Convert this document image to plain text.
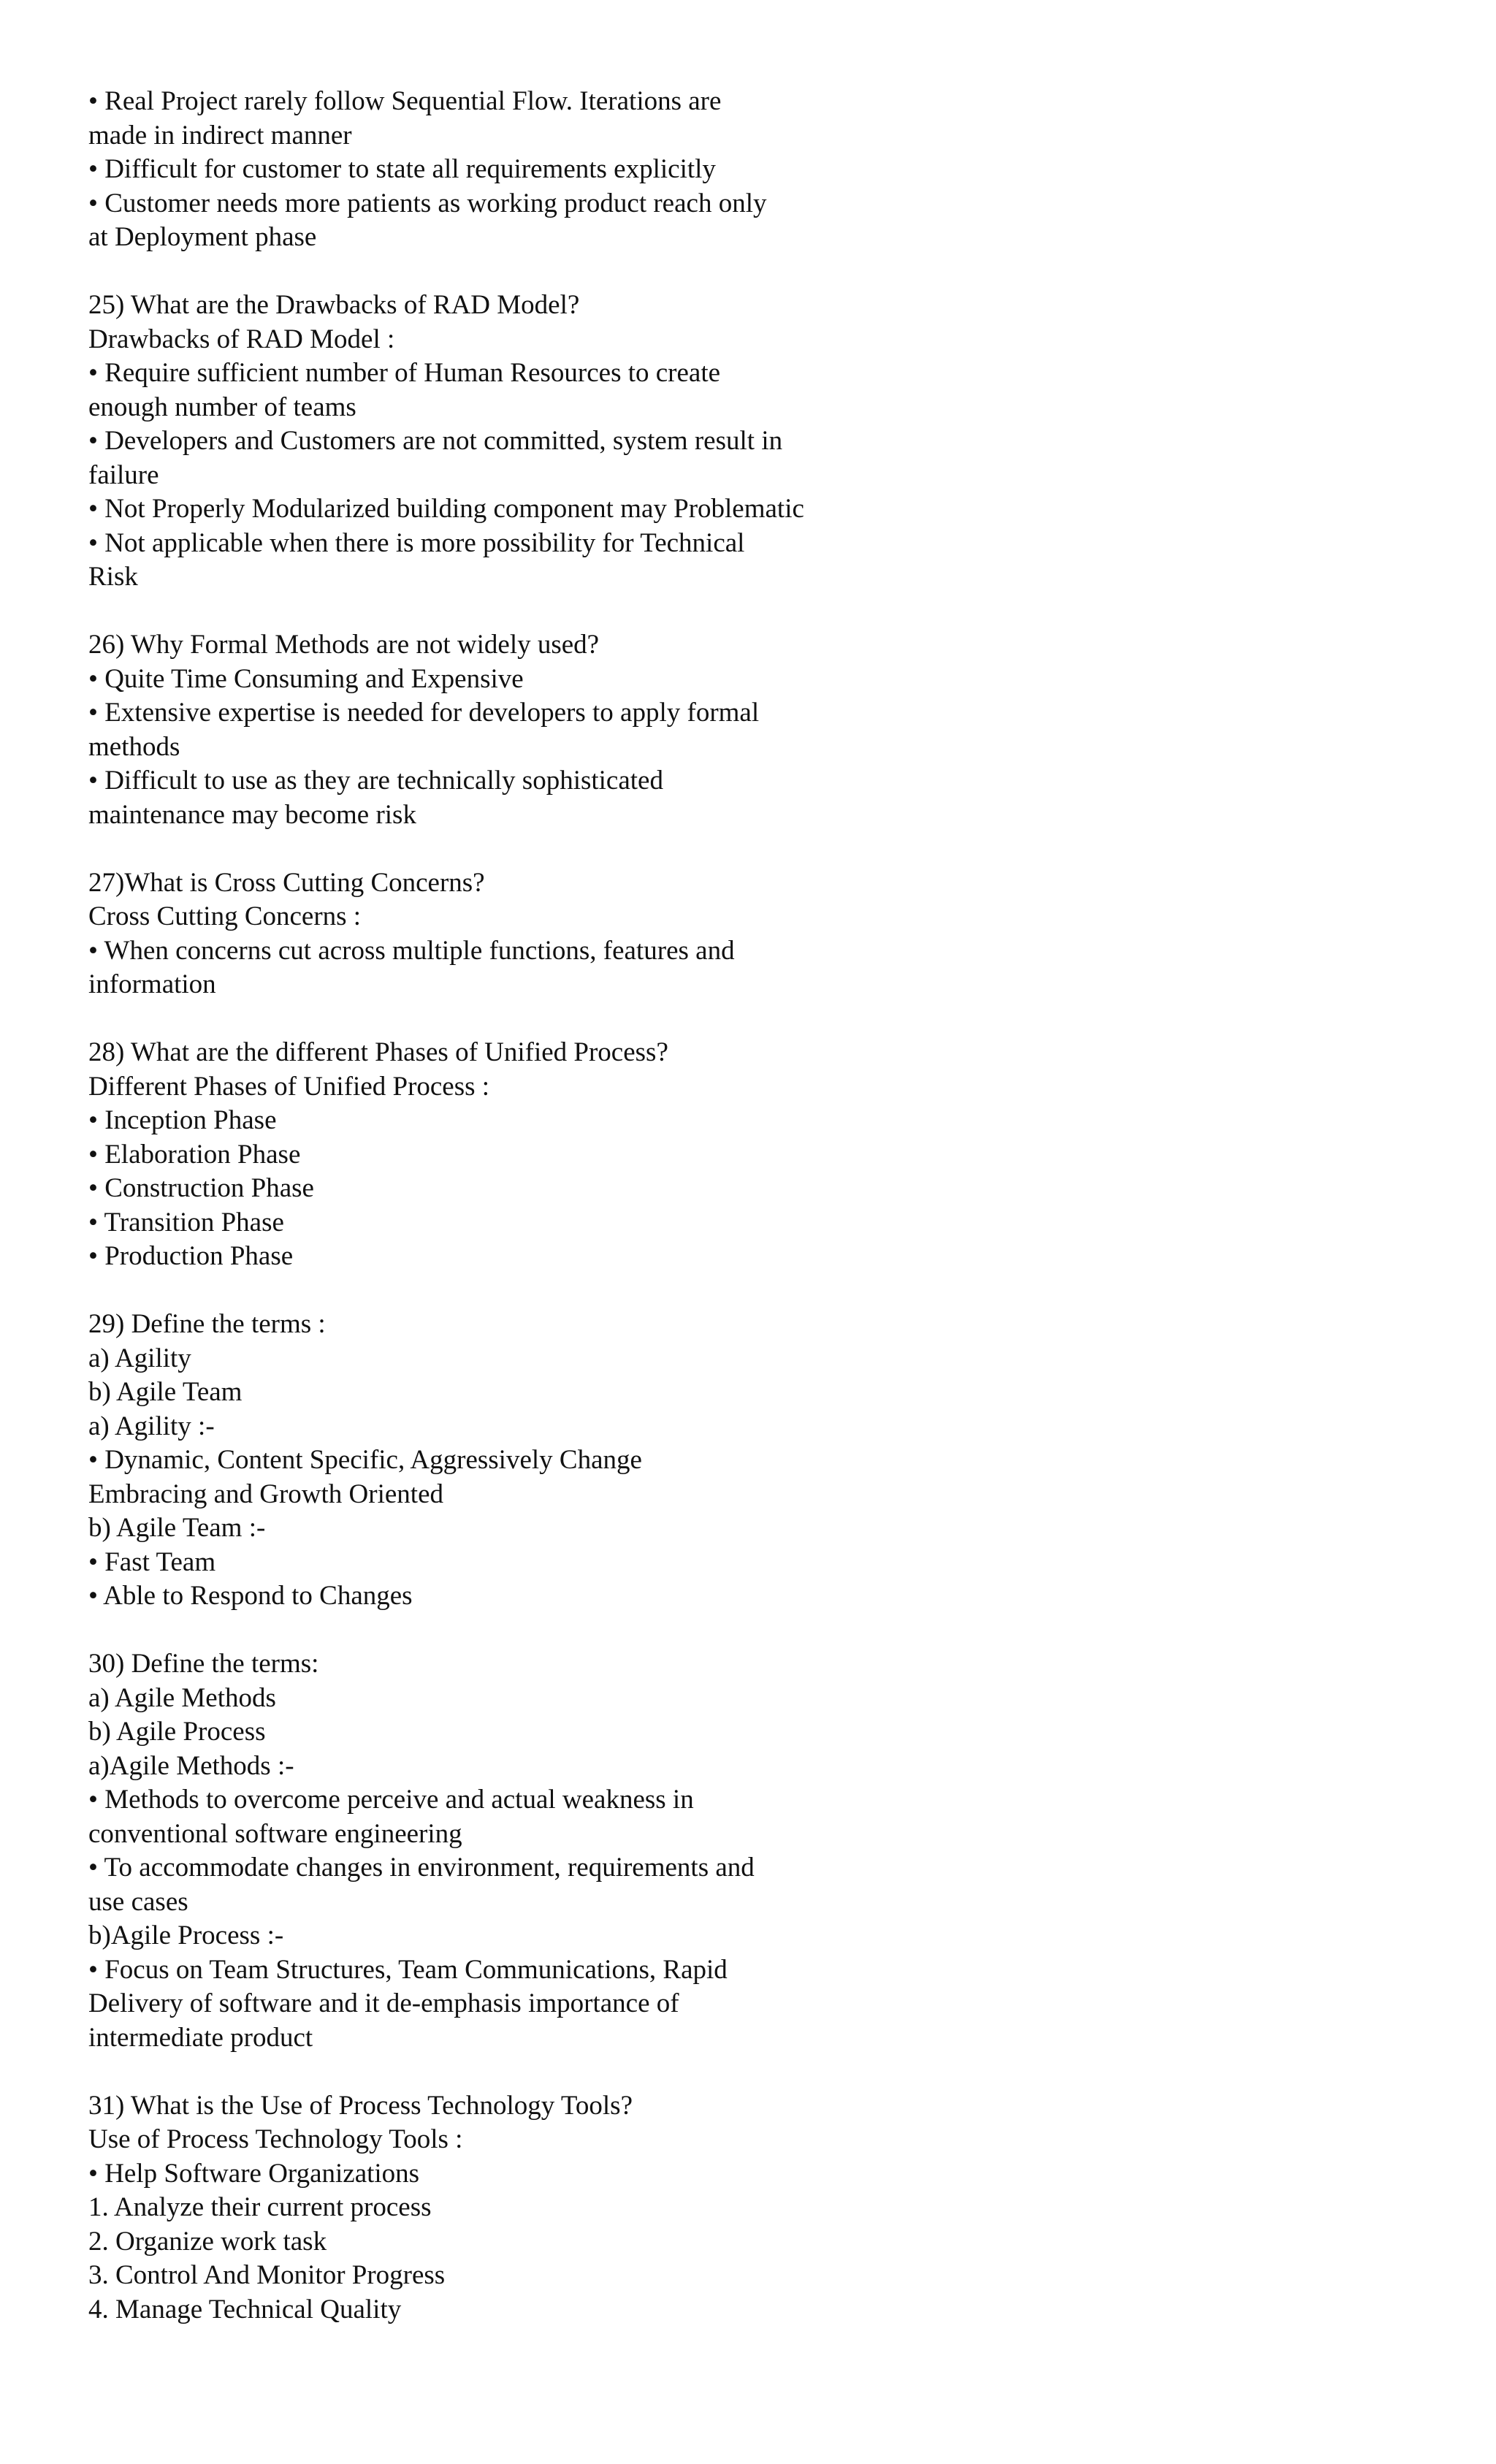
• Real Project rarely follow Sequential Flow. Iterations are
made in indirect manner
• Difficult for customer to state all requirements explicitly
• Customer needs more patients as working product reach only
at Deployment phase
25) What are the Drawbacks of RAD Model?
Drawbacks of RAD Model :
• Require sufficient number of Human Resources to create
enough number of teams
• Developers and Customers are not committed, system result in
failure
• Not Properly Modularized building component may Problematic
• Not applicable when there is more possibility for Technical
Risk
26) Why Formal Methods are not widely used?
• Quite Time Consuming and Expensive
• Extensive expertise is needed for developers to apply formal
methods
• Difficult to use as they are technically sophisticated
maintenance may become risk
27)What is Cross Cutting Concerns?
Cross Cutting Concerns :
• When concerns cut across multiple functions, features and
information
28) What are the different Phases of Unified Process?
Different Phases of Unified Process :
• Inception Phase
• Elaboration Phase
• Construction Phase
• Transition Phase
• Production Phase
29) Define the terms :
a) Agility
b) Agile Team
a) Agility :-
• Dynamic, Content Specific, Aggressively Change
Embracing and Growth Oriented
b) Agile Team :-
• Fast Team
• Able to Respond to Changes
30) Define the terms:
a) Agile Methods
b) Agile Process
a)Agile Methods :-
• Methods to overcome perceive and actual weakness in
conventional software engineering
• To accommodate changes in environment, requirements and
use cases
b)Agile Process :-
• Focus on Team Structures, Team Communications, Rapid
Delivery of software and it de-emphasis importance of
intermediate product
31) What is the Use of Process Technology Tools?
Use of Process Technology Tools :
• Help Software Organizations
1. Analyze their current process
2. Organize work task
3. Control And Monitor Progress
4. Manage Technical Quality
